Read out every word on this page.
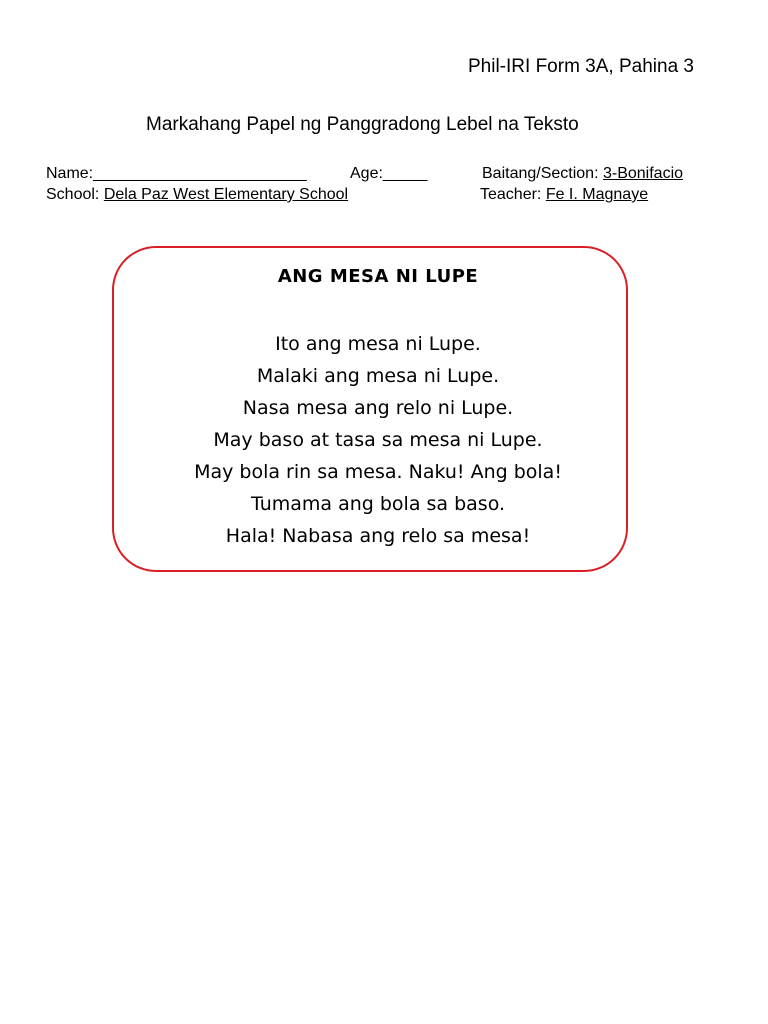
Phil-IRI Form 3A, Pahina 3
Markahang Papel ng Panggradong Lebel na Teksto
Name:________________________	Age:_____	Baitang/Section: 3-Bonifacio
School: Dela Paz West Elementary School	Teacher: Fe I. Magnaye
ANG MESA NI LUPE
Ito ang mesa ni Lupe.
Malaki ang mesa ni Lupe.
Nasa mesa ang relo ni Lupe.
May baso at tasa sa mesa ni Lupe.
May bola rin sa mesa. Naku! Ang bola!
Tumama ang bola sa baso.
Hala! Nabasa ang relo sa mesa!
